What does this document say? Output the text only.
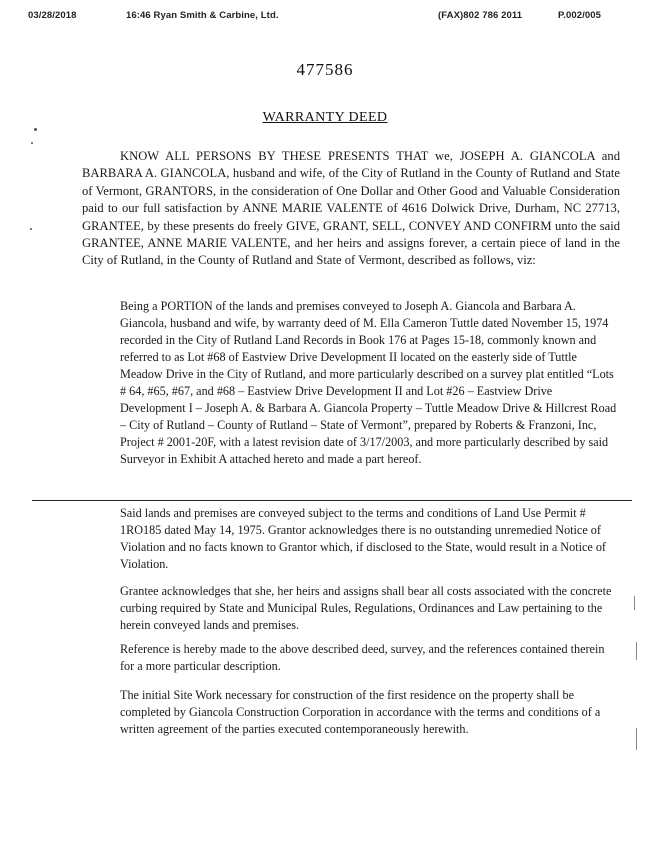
03/28/2018	16:46 Ryan Smith & Carbine, Ltd.	(FAX)802 786 2011	P.002/005
477586
WARRANTY DEED

KNOW ALL PERSONS BY THESE PRESENTS THAT we, JOSEPH A. GIANCOLA and BARBARA A. GIANCOLA, husband and wife, of the City of Rutland in the County of Rutland and State of Vermont, GRANTORS, in the consideration of One Dollar and Other Good and Valuable Consideration paid to our full satisfaction by ANNE MARIE VALENTE of 4616 Dolwick Drive, Durham, NC 27713, GRANTEE, by these presents do freely GIVE, GRANT, SELL, CONVEY AND CONFIRM unto the said GRANTEE, ANNE MARIE VALENTE, and her heirs and assigns forever, a certain piece of land in the City of Rutland, in the County of Rutland and State of Vermont, described as follows, viz:

Being a PORTION of the lands and premises conveyed to Joseph A. Giancola and Barbara A. Giancola, husband and wife, by warranty deed of M. Ella Cameron Tuttle dated November 15, 1974 recorded in the City of Rutland Land Records in Book 176 at Pages 15-18, commonly known and referred to as Lot #68 of Eastview Drive Development II located on the easterly side of Tuttle Meadow Drive in the City of Rutland, and more particularly described on a survey plat entitled “Lots # 64, #65, #67, and #68 – Eastview Drive Development II and Lot #26 – Eastview Drive Development I – Joseph A. & Barbara A. Giancola Property – Tuttle Meadow Drive & Hillcrest Road – City of Rutland – County of Rutland – State of Vermont”, prepared by Roberts & Franzoni, Inc, Project # 2001-20F, with a latest revision date of 3/17/2003, and more particularly described by said Surveyor in Exhibit A attached hereto and made a part hereof.

Said lands and premises are conveyed subject to the terms and conditions of Land Use Permit # 1RO185 dated May 14, 1975. Grantor acknowledges there is no outstanding unremedied Notice of Violation and no facts known to Grantor which, if disclosed to the State, would result in a Notice of Violation.

Grantee acknowledges that she, her heirs and assigns shall bear all costs associated with the concrete curbing required by State and Municipal Rules, Regulations, Ordinances and Law pertaining to the herein conveyed lands and premises.

Reference is hereby made to the above described deed, survey, and the references contained therein for a more particular description.

The initial Site Work necessary for construction of the first residence on the property shall be completed by Giancola Construction Corporation in accordance with the terms and conditions of a written agreement of the parties executed contemporaneously herewith.
